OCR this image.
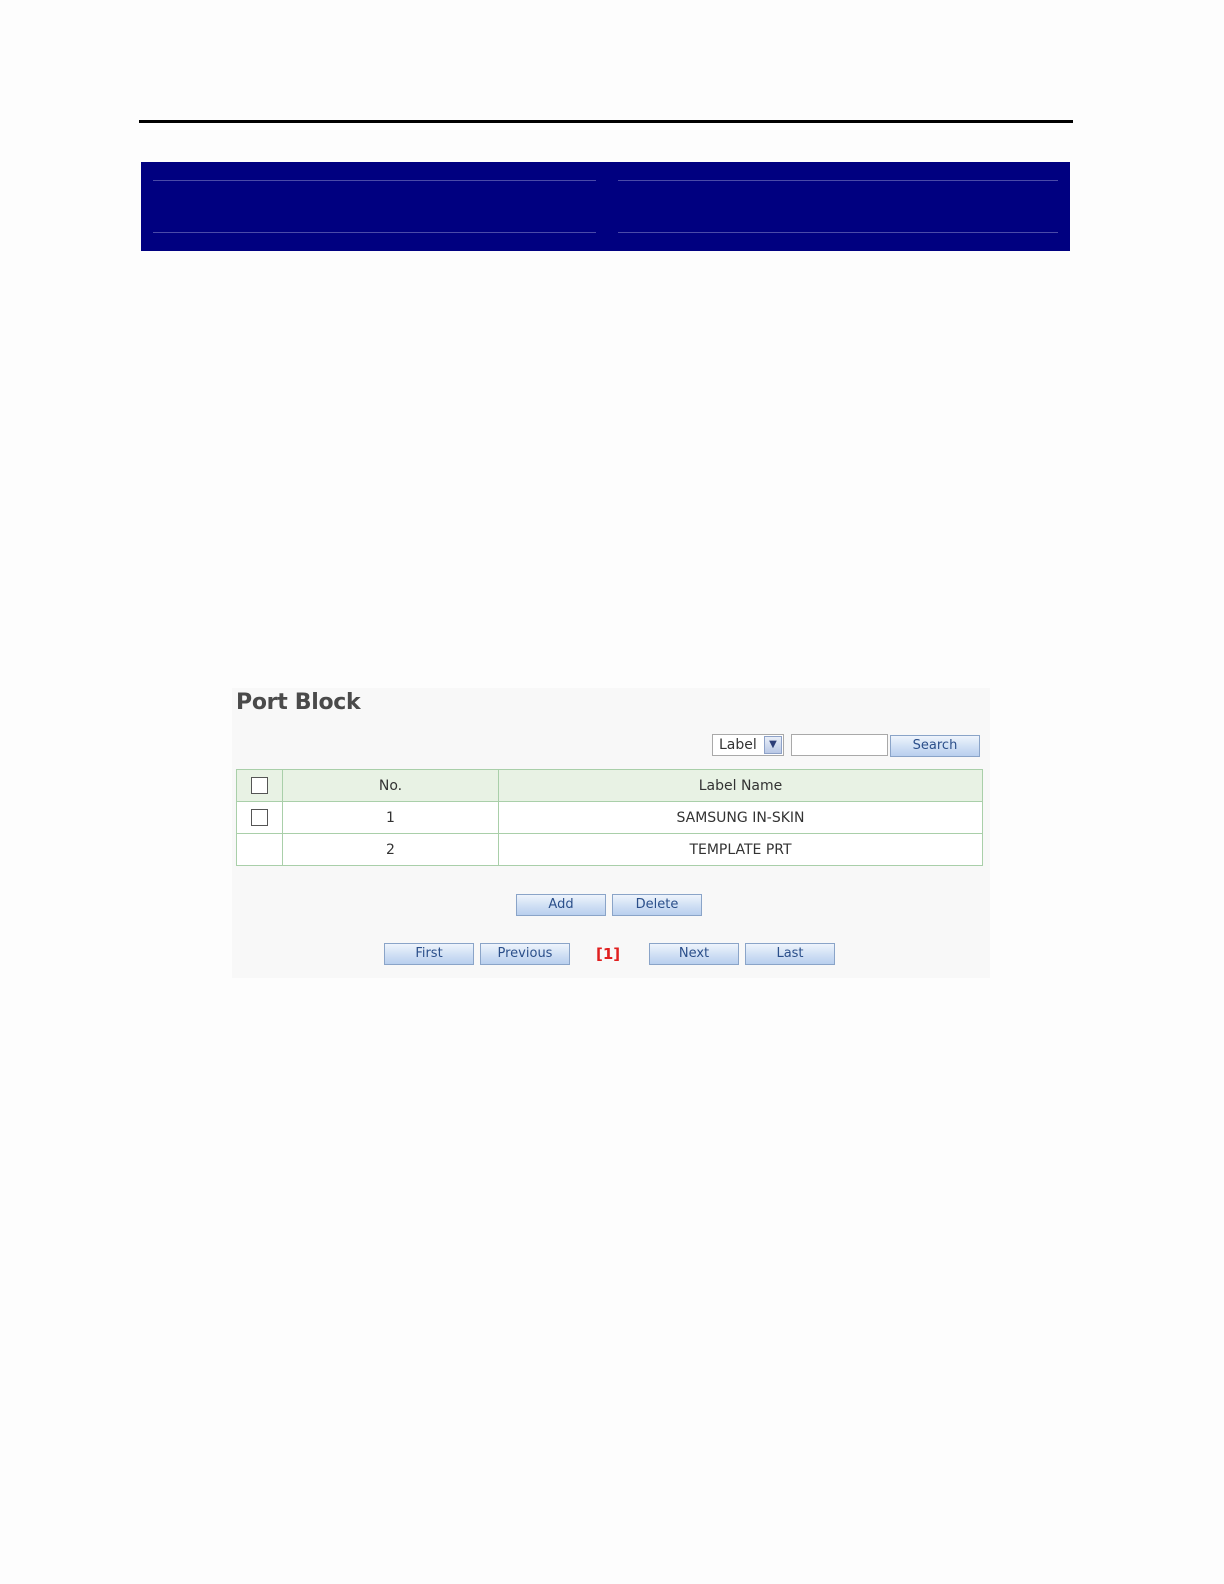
Port Block
Label	▼	Search
	No.	Label Name
	1	SAMSUNG IN-SKIN
	2	TEMPLATE PRT
Add	Delete
First	Previous	[1]	Next	Last
